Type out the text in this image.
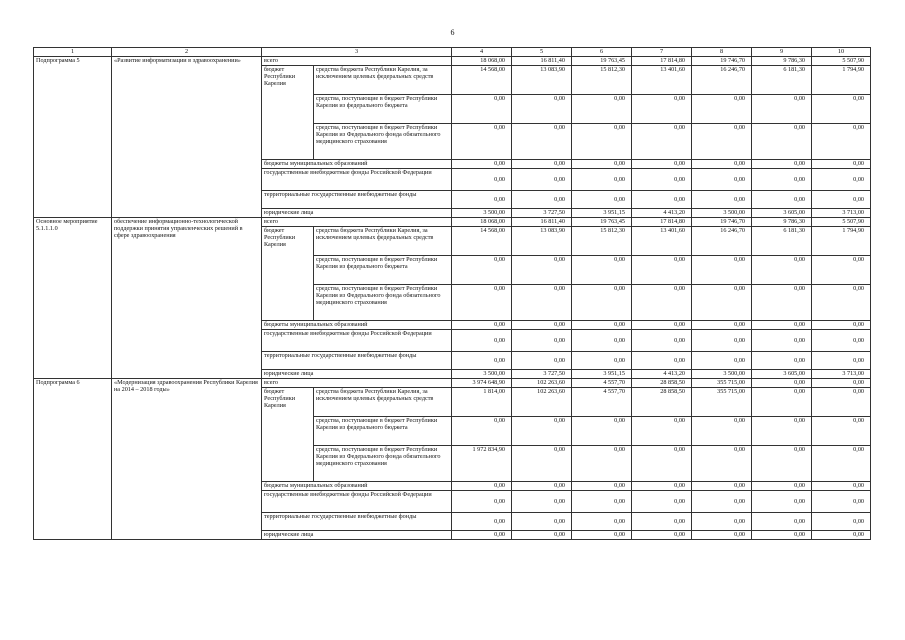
6
1	2	3		4	5	6	7	8	9	10
Подпрограмма 5	«Развитие информатизации в здравоохранении»	всего		18 068,00	16 811,40	19 763,45	17 814,80	19 746,70	9 786,30	5 507,90
		бюджет Республики Карелия	средства бюджета Республики Карелия, за исключением целевых федеральных средств	14 568,00	13 083,90	15 812,30	13 401,60	16 246,70	6 181,30	1 794,90
			средства, поступающие в бюджет Республики Карелия из федерального бюджета	0,00	0,00	0,00	0,00	0,00	0,00	0,00
			средства, поступающие в бюджет Республики Карелия из Федерального фонда обязательного медицинского страхования	0,00	0,00	0,00	0,00	0,00	0,00	0,00
		бюджеты муниципальных образований		0,00	0,00	0,00	0,00	0,00	0,00	0,00
		государственные внебюджетные фонды Российской Федерации		0,00	0,00	0,00	0,00	0,00	0,00	0,00
		территориальные государственные внебюджетные фонды		0,00	0,00	0,00	0,00	0,00	0,00	0,00
		юридические лица		3 500,00	3 727,50	3 951,15	4 413,20	3 500,00	3 605,00	3 713,00
Основное мероприятие 5.1.1.1.0	обеспечение информационно-технологической поддержки принятия управленческих решений в сфере здравоохранения	всего		18 068,00	16 811,40	19 763,45	17 814,80	19 746,70	9 786,30	5 507,90
		бюджет Республики Карелия	средства бюджета Республики Карелия, за исключением целевых федеральных средств	14 568,00	13 083,90	15 812,30	13 401,60	16 246,70	6 181,30	1 794,90
			средства, поступающие в бюджет Республики Карелия из федерального бюджета	0,00	0,00	0,00	0,00	0,00	0,00	0,00
			средства, поступающие в бюджет Республики Карелия из Федерального фонда обязательного медицинского страхования	0,00	0,00	0,00	0,00	0,00	0,00	0,00
		бюджеты муниципальных образований		0,00	0,00	0,00	0,00	0,00	0,00	0,00
		государственные внебюджетные фонды Российской Федерации		0,00	0,00	0,00	0,00	0,00	0,00	0,00
		территориальные государственные внебюджетные фонды		0,00	0,00	0,00	0,00	0,00	0,00	0,00
		юридические лица		3 500,00	3 727,50	3 951,15	4 413,20	3 500,00	3 605,00	3 713,00
Подпрограмма 6	«Модернизация здравоохранения Республики Карелия на 2014 – 2018 годы»	всего		3 974 648,90	102 263,60	4 557,70	28 858,50	355 715,00	0,00	0,00
		бюджет Республики Карелия	средства бюджета Республики Карелия, за исключением целевых федеральных средств	1 814,00	102 263,60	4 557,70	28 858,50	355 715,00	0,00	0,00
			средства, поступающие в бюджет Республики Карелия из федерального бюджета	0,00	0,00	0,00	0,00	0,00	0,00	0,00
			средства, поступающие в бюджет Республики Карелия из Федерального фонда обязательного медицинского страхования	1 972 834,90	0,00	0,00	0,00	0,00	0,00	0,00
		бюджеты муниципальных образований		0,00	0,00	0,00	0,00	0,00	0,00	0,00
		государственные внебюджетные фонды Российской Федерации		0,00	0,00	0,00	0,00	0,00	0,00	0,00
		территориальные государственные внебюджетные фонды		0,00	0,00	0,00	0,00	0,00	0,00	0,00
		юридические лица		0,00	0,00	0,00	0,00	0,00	0,00	0,00
